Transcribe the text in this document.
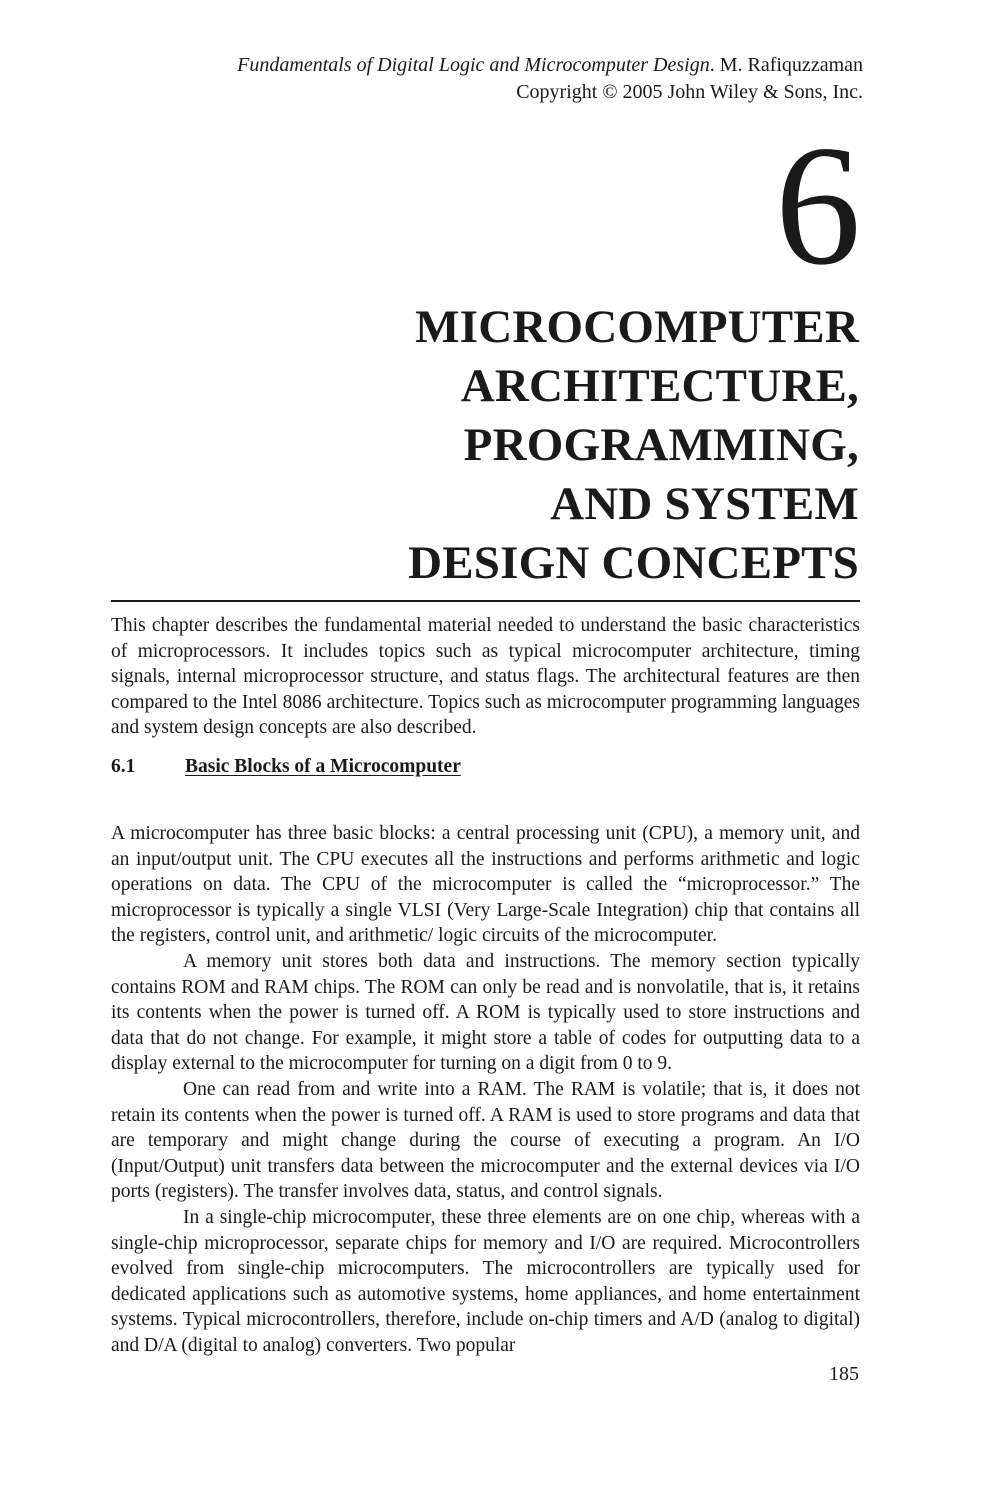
Fundamentals of Digital Logic and Microcomputer Design. M. Rafiquzzaman
Copyright © 2005 John Wiley & Sons, Inc.
6
MICROCOMPUTER
ARCHITECTURE,
PROGRAMMING,
AND SYSTEM
DESIGN CONCEPTS

This chapter describes the fundamental material needed to understand the basic characteristics of microprocessors. It includes topics such as typical microcomputer architecture, timing signals, internal microprocessor structure, and status flags. The architectural features are then compared to the Intel 8086 architecture. Topics such as microcomputer programming languages and system design concepts are also described.

6.1	Basic Blocks of a Microcomputer

A microcomputer has three basic blocks: a central processing unit (CPU), a memory unit, and an input/output unit. The CPU executes all the instructions and performs arithmetic and logic operations on data. The CPU of the microcomputer is called the “microprocessor.” The microprocessor is typically a single VLSI (Very Large-Scale Integration) chip that contains all the registers, control unit, and arithmetic/ logic circuits of the microcomputer.

A memory unit stores both data and instructions. The memory section typically contains ROM and RAM chips. The ROM can only be read and is nonvolatile, that is, it retains its contents when the power is turned off. A ROM is typically used to store instructions and data that do not change. For example, it might store a table of codes for outputting data to a display external to the microcomputer for turning on a digit from 0 to 9.

One can read from and write into a RAM. The RAM is volatile; that is, it does not retain its contents when the power is turned off. A RAM is used to store programs and data that are temporary and might change during the course of executing a program. An I/O (Input/Output) unit transfers data between the microcomputer and the external devices via I/O ports (registers). The transfer involves data, status, and control signals.

In a single-chip microcomputer, these three elements are on one chip, whereas with a single-chip microprocessor, separate chips for memory and I/O are required. Microcontrollers evolved from single-chip microcomputers. The microcontrollers are typically used for dedicated applications such as automotive systems, home appliances, and home entertainment systems. Typical microcontrollers, therefore, include on-chip timers and A/D (analog to digital) and D/A (digital to analog) converters. Two popular

185
